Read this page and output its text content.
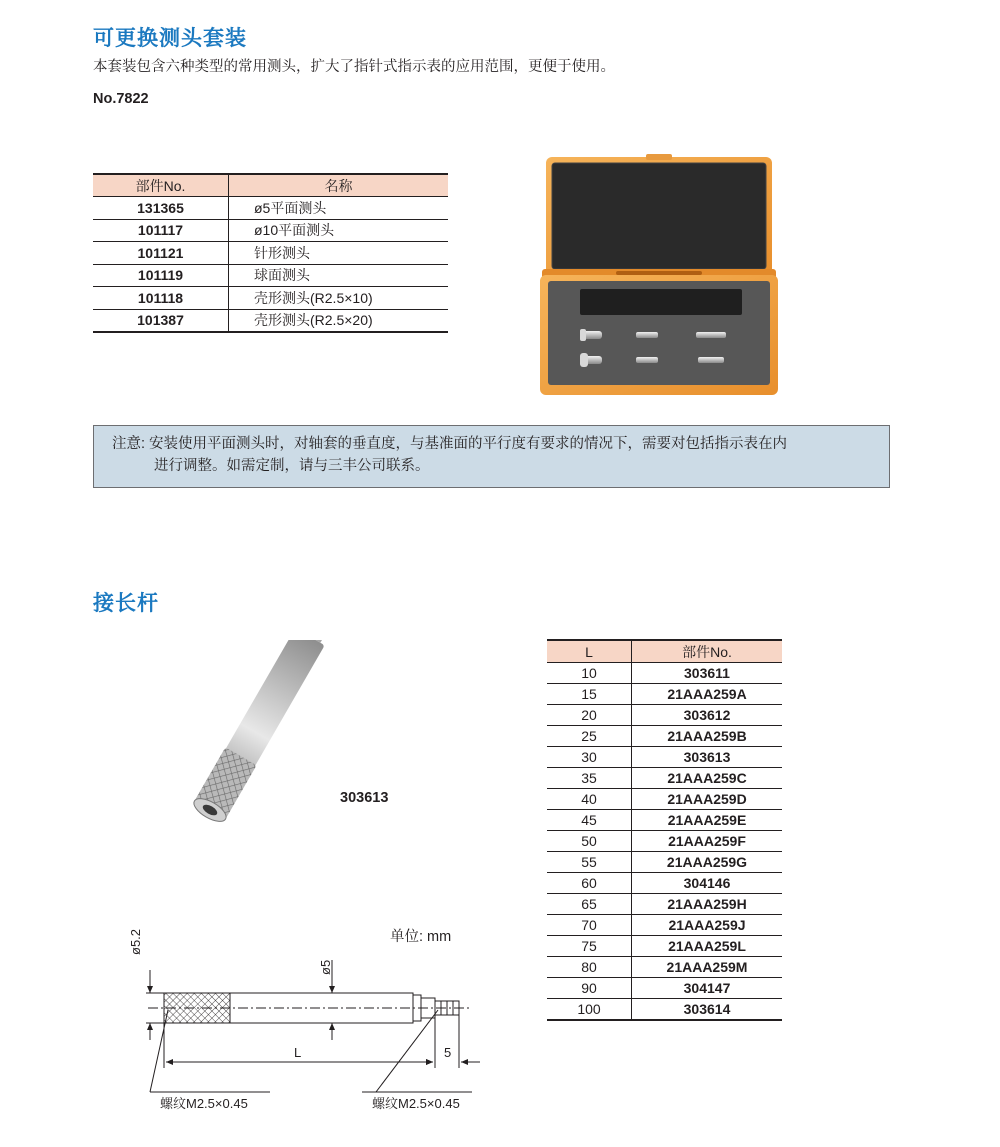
可更换测头套装
本套装包含六种类型的常用测头，扩大了指针式指示表的应用范围，更便于使用。
No.7822
部件No.	名称
131365	ø5平面测头
101117	ø10平面测头
101121	针形测头
101119	球面测头
101118	壳形测头(R2.5×10)
101387	壳形测头(R2.5×20)
注意: 安装使用平面测头时，对轴套的垂直度，与基准面的平行度有要求的情况下，需要对包括指示表在内
进行调整。如需定制，请与三丰公司联系。
接长杆
303613
单位: mm
ø5.2
ø5
L	5
螺纹M2.5×0.45	螺纹M2.5×0.45
L	部件No.
10	303611
15	21AAA259A
20	303612
25	21AAA259B
30	303613
35	21AAA259C
40	21AAA259D
45	21AAA259E
50	21AAA259F
55	21AAA259G
60	304146
65	21AAA259H
70	21AAA259J
75	21AAA259L
80	21AAA259M
90	304147
100	303614
